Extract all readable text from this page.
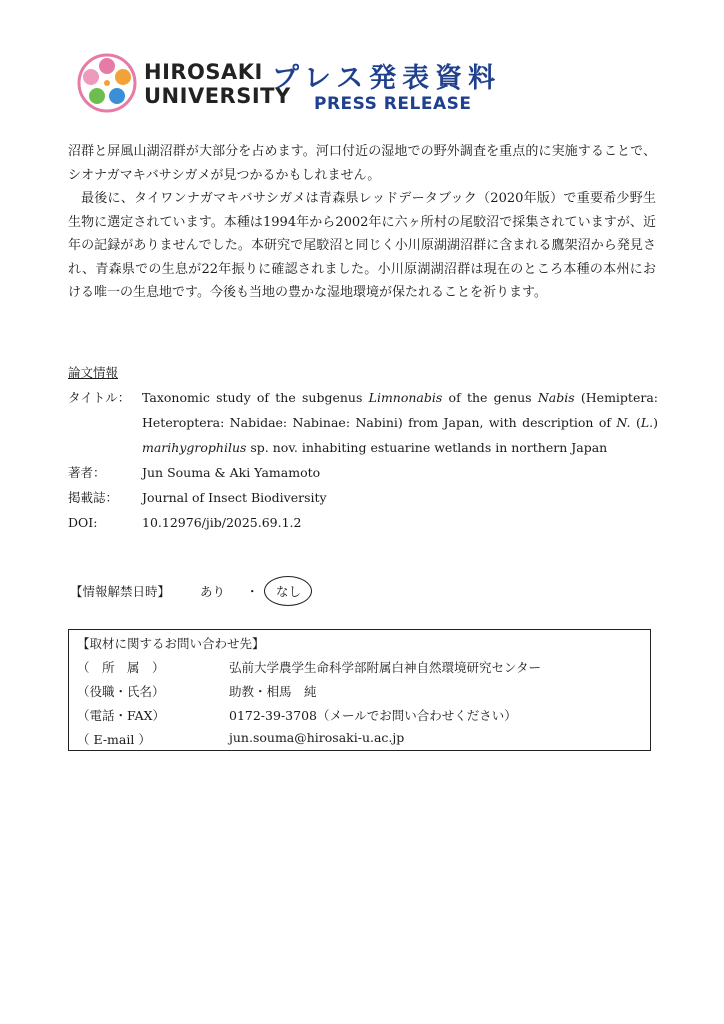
HIROSAKI
UNIVERSITY
プレス発表資料
PRESS RELEASE

沼群と屏風山湖沼群が大部分を占めます。河口付近の湿地での野外調査を重点的に実施することで、シオナガマキバサシガメが見つかるかもしれません。

最後に、タイワンナガマキバサシガメは青森県レッドデータブック（2020年版）で重要希少野生生物に選定されています。本種は1994年から2002年に六ヶ所村の尾駮沼で採集されていますが、近年の記録がありませんでした。本研究で尾駮沼と同じく小川原湖湖沼群に含まれる鷹架沼から発見され、青森県での生息が22年振りに確認されました。小川原湖湖沼群は現在のところ本種の本州における唯一の生息地です。今後も当地の豊かな湿地環境が保たれることを祈ります。

論文情報
タイトル： Taxonomic study of the subgenus Limnonabis of the genus Nabis (Hemiptera: Heteroptera: Nabidae: Nabinae: Nabini) from Japan, with description of N. (L.) marihygrophilus sp. nov. inhabiting estuarine wetlands in northern Japan
著者：	Jun Souma & Aki Yamamoto
掲載誌：	Journal of Insect Biodiversity
DOI:	10.12976/jib/2025.69.1.2
【情報解禁日時】 あり ・ なし
【取材に関するお問い合わせ先】
（　所　属　）	弘前大学農学生命科学部附属白神自然環境研究センター
（役職・氏名）	助教・相馬　純
（電話・FAX）	0172-39-3708（メールでお問い合わせください）
（ E-mail ）	jun.souma@hirosaki-u.ac.jp
